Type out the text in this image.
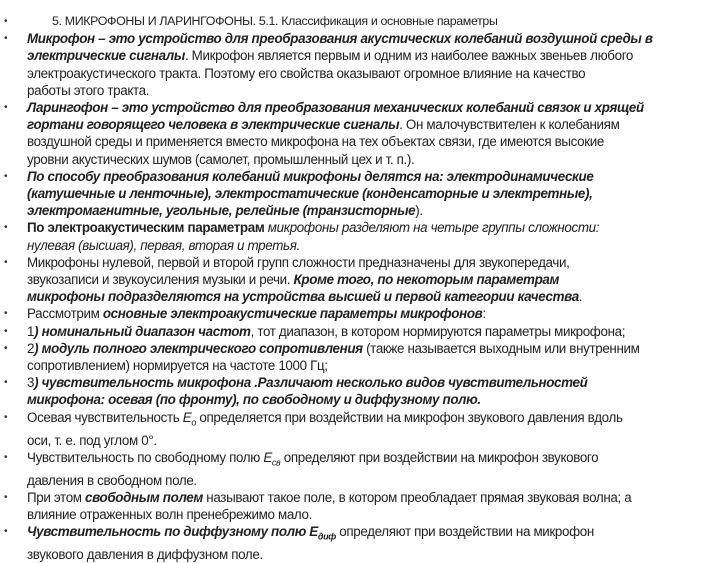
•	5. МИКРОФОНЫ И ЛАРИНГОФОНЫ. 5.1. Классификация и основные параметры
•	Микрофон – это устройство для преобразования акустических колебаний воздушной среды в
электрические сигналы. Микрофон является первым и одним из наиболее важных звеньев любого
электроакустического тракта. Поэтому его свойства оказывают огромное влияние на качество
работы этого тракта.
•	Ларингофон – это устройство для преобразования механических колебаний связок и хрящей
гортани говорящего человека в электрические сигналы. Он малочувствителен к колебаниям
воздушной среды и применяется вместо микрофона на тех объектах связи, где имеются высокие
уровни акустических шумов (самолет, промышленный цех и т. п.).
•	По способу преобразования колебаний микрофоны делятся на: электродинамические
(катушечные и ленточные), электростатические (конденсаторные и электретные),
электромагнитные, угольные, релейные (транзисторные).
•	По электроакустическим параметрам микрофоны разделяют на четыре группы сложности:
нулевая (высшая), первая, вторая и третья.
•	Микрофоны нулевой, первой и второй групп сложности предназначены для звукопередачи,
звукозаписи и звукоусиления музыки и речи. Кроме того, по некоторым параметрам
микрофоны подразделяются на устройства высшей и первой категории качества.
•	Рассмотрим основные электроакустические параметры микрофонов:
•	1) номинальный диапазон частот, тот диапазон, в котором нормируются параметры микрофона;
•	2) модуль полного электрического сопротивления (также называется выходным или внутренним
сопротивлением) нормируется на частоте 1000 Гц;
•	3) чувствительность микрофона .Различают несколько видов чувствительностей
микрофона: осевая (по фронту), по свободному и диффузному полю.
•	Осевая чувствительность $E_o$ определяется при воздействии на микрофон звукового давления вдоль
оси, т. е. под углом 0°.
•	Чувствительность по свободному полю $E_{св}$ определяют при воздействии на микрофон звукового
давления в свободном поле.
•	При этом свободным полем называют такое поле, в котором преобладает прямая звуковая волна; а
влияние отраженных волн пренебрежимо мало.
•	Чувствительность по диффузному полю $E_{диф}$ определяют при воздействии на микрофон
звукового давления в диффузном поле.
